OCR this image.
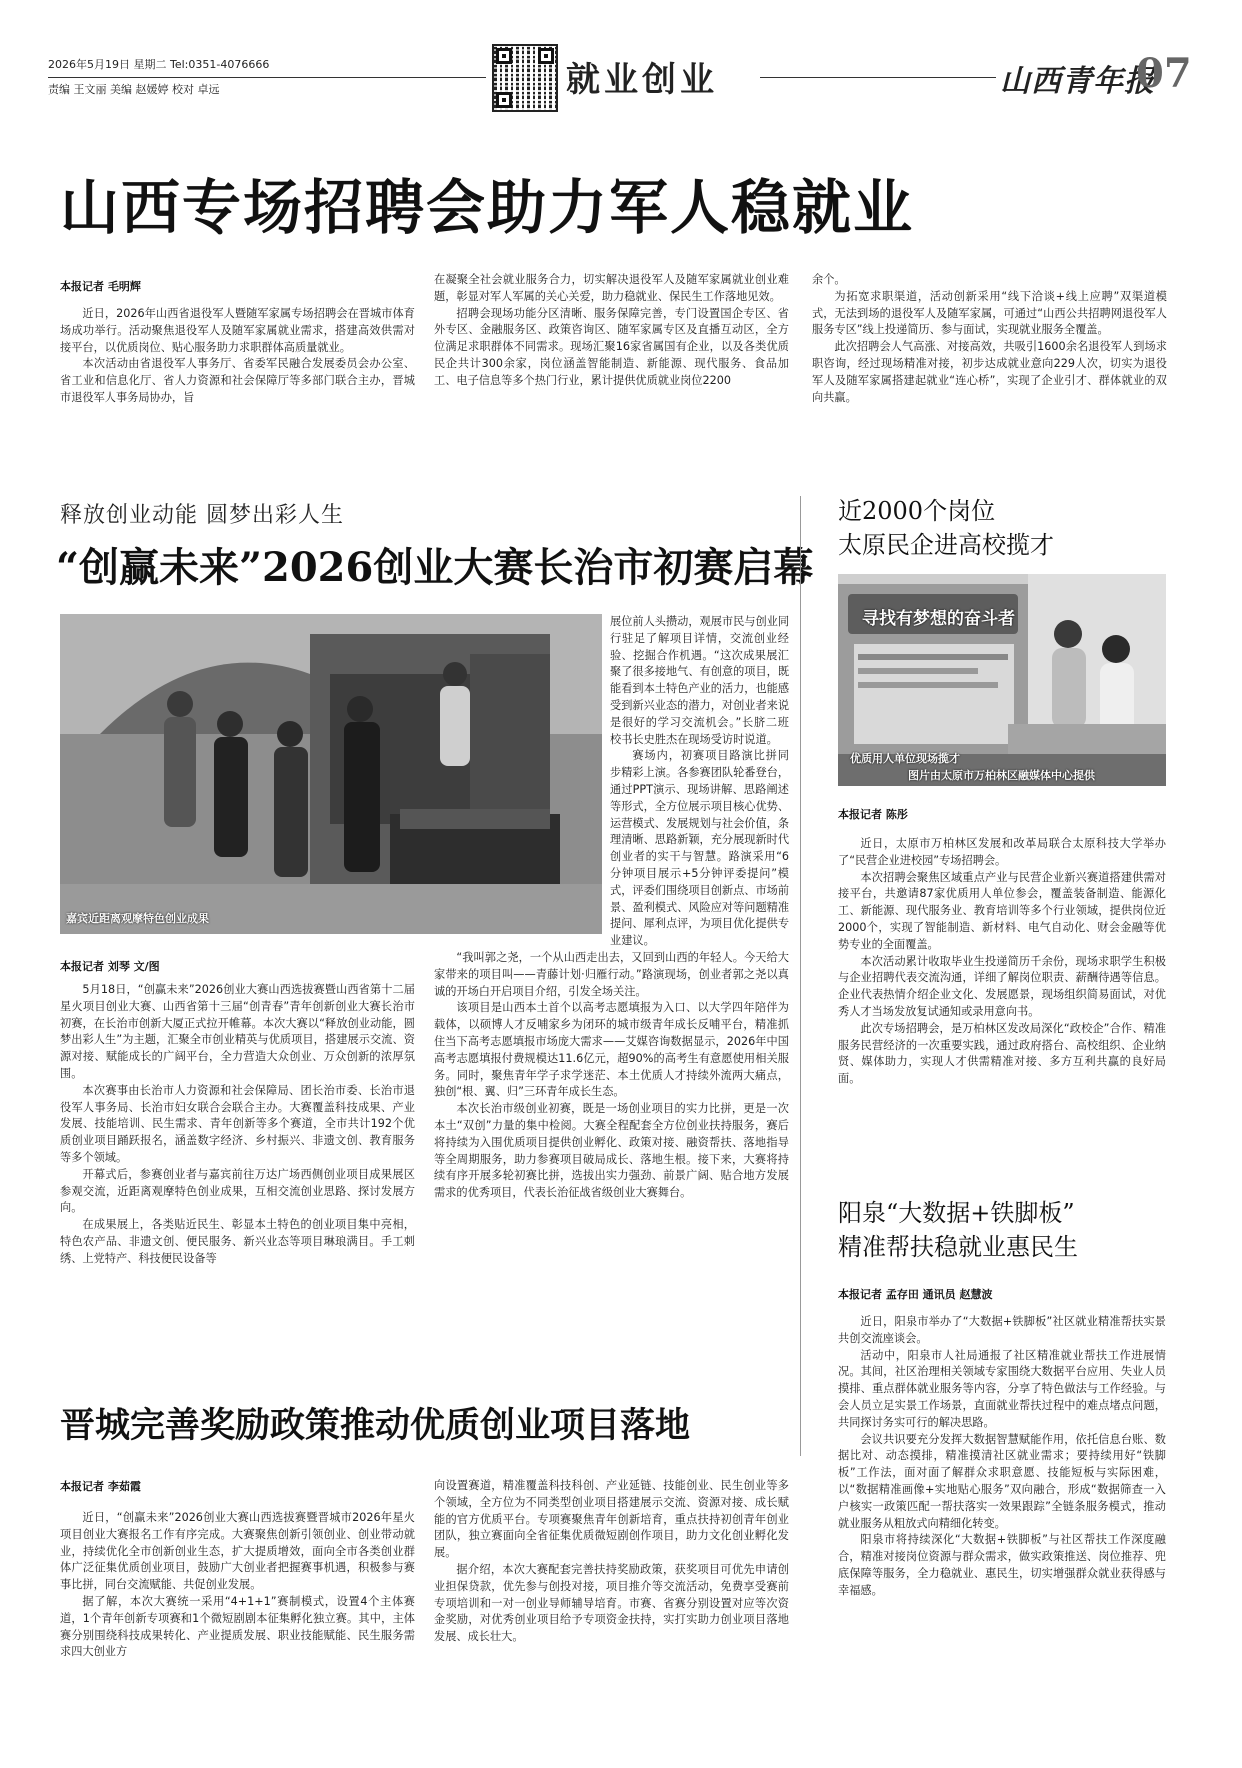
2026年5月19日 星期二 Tel:0351-4076666
责编 王文丽 美编 赵媛婷 校对 卓远	就业创业	山西青年报
07
山西专场招聘会助力军人稳就业
本报记者 毛明辉

近日，2026年山西省退役军人暨随军家属专场招聘会在晋城市体育场成功举行。活动聚焦退役军人及随军家属就业需求，搭建高效供需对接平台，以优质岗位、贴心服务助力求职群体高质量就业。

本次活动由省退役军人事务厅、省委军民融合发展委员会办公室、省工业和信息化厅、省人力资源和社会保障厅等多部门联合主办，晋城市退役军人事务局协办，旨

在凝聚全社会就业服务合力，切实解决退役军人及随军家属就业创业难题，彰显对军人军属的关心关爱，助力稳就业、保民生工作落地见效。

招聘会现场功能分区清晰、服务保障完善，专门设置国企专区、省外专区、金融服务区、政策咨询区、随军家属专区及直播互动区，全方位满足求职群体不同需求。现场汇聚16家省属国有企业，以及各类优质民企共计300余家，岗位涵盖智能制造、新能源、现代服务、食品加工、电子信息等多个热门行业，累计提供优质就业岗位2200

余个。

为拓宽求职渠道，活动创新采用“线下洽谈+线上应聘”双渠道模式，无法到场的退役军人及随军家属，可通过“山西公共招聘网退役军人服务专区”线上投递简历、参与面试，实现就业服务全覆盖。

此次招聘会人气高涨、对接高效，共吸引1600余名退役军人到场求职咨询，经过现场精准对接，初步达成就业意向229人次，切实为退役军人及随军家属搭建起就业“连心桥”，实现了企业引才、群体就业的双向共赢。

释放创业动能 圆梦出彩人生
“创赢未来”2026创业大赛长治市初赛启幕
嘉宾近距离观摩特色创业成果
本报记者 刘琴 文/图

5月18日，“创赢未来”2026创业大赛山西选拔赛暨山西省第十二届星火项目创业大赛、山西省第十三届“创青春”青年创新创业大赛长治市初赛，在长治市创新大厦正式拉开帷幕。本次大赛以“释放创业动能，圆梦出彩人生”为主题，汇聚全市创业精英与优质项目，搭建展示交流、资源对接、赋能成长的广阔平台，全力营造大众创业、万众创新的浓厚氛围。

本次赛事由长治市人力资源和社会保障局、团长治市委、长治市退役军人事务局、长治市妇女联合会联合主办。大赛覆盖科技成果、产业发展、技能培训、民生需求、青年创新等多个赛道，全市共计192个优质创业项目踊跃报名，涵盖数字经济、乡村振兴、非遗文创、教育服务等多个领域。

开幕式后，参赛创业者与嘉宾前往万达广场西侧创业项目成果展区参观交流，近距离观摩特色创业成果，互相交流创业思路、探讨发展方向。

在成果展上，各类贴近民生、彰显本土特色的创业项目集中亮相，特色农产品、非遗文创、便民服务、新兴业态等项目琳琅满目。手工刺绣、上党特产、科技便民设备等

展位前人头攒动，观展市民与创业同行驻足了解项目详情，交流创业经验、挖掘合作机遇。“这次成果展汇聚了很多接地气、有创意的项目，既能看到本土特色产业的活力，也能感受到新兴业态的潜力，对创业者来说是很好的学习交流机会。”长脐二班校书长史胜杰在现场受访时说道。

赛场内，初赛项目路演比拼同步精彩上演。各参赛团队轮番登台，通过PPT演示、现场讲解、思路阐述等形式，全方位展示项目核心优势、运营模式、发展规划与社会价值，条理清晰、思路新颖，充分展现新时代创业者的实干与智慧。路演采用“6分钟项目展示+5分钟评委提问”模式，评委们围绕项目创新点、市场前景、盈利模式、风险应对等问题精准提问、犀利点评，为项目优化提供专业建议。

“我叫郭之尧，一个从山西走出去，又回到山西的年轻人。今天给大家带来的项目叫——青藤计划·归雁行动。”路演现场，创业者郭之尧以真诚的开场白开启项目介绍，引发全场关注。

该项目是山西本土首个以高考志愿填报为入口、以大学四年陪伴为载体，以硕博人才反哺家乡为闭环的城市级青年成长反哺平台，精准抓住当下高考志愿填报市场庞大需求——艾媒咨询数据显示，2026年中国高考志愿填报付费规模达11.6亿元，超90%的高考生有意愿使用相关服务。同时，聚焦青年学子求学迷茫、本土优质人才持续外流两大痛点，独创“根、翼、归”三环青年成长生态。

本次长治市级创业初赛，既是一场创业项目的实力比拼，更是一次本土“双创”力量的集中检阅。大赛全程配套全方位创业扶持服务，赛后将持续为入围优质项目提供创业孵化、政策对接、融资帮扶、落地指导等全周期服务，助力参赛项目破局成长、落地生根。接下来，大赛将持续有序开展多轮初赛比拼，选拔出实力强劲、前景广阔、贴合地方发展需求的优秀项目，代表长治征战省级创业大赛舞台。

近2000个岗位
太原民企进高校揽才
寻找有梦想的奋斗者
优质用人单位现场揽才
图片由太原市万柏林区融媒体中心提供
本报记者 陈彤

近日，太原市万柏林区发展和改革局联合太原科技大学举办了“民营企业进校园”专场招聘会。

本次招聘会聚焦区域重点产业与民营企业新兴赛道搭建供需对接平台，共邀请87家优质用人单位参会，覆盖装备制造、能源化工、新能源、现代服务业、教育培训等多个行业领域，提供岗位近2000个，实现了智能制造、新材料、电气自动化、财会金融等优势专业的全面覆盖。

本次活动累计收取毕业生投递简历千余份，现场求职学生积极与企业招聘代表交流沟通，详细了解岗位职责、薪酬待遇等信息。企业代表热情介绍企业文化、发展愿景，现场组织简易面试，对优秀人才当场发放复试通知或录用意向书。

此次专场招聘会，是万柏林区发改局深化“政校企”合作、精准服务民营经济的一次重要实践，通过政府搭台、高校组织、企业纳贤、媒体助力，实现人才供需精准对接、多方互利共赢的良好局面。

阳泉“大数据+铁脚板”
精准帮扶稳就业惠民生
本报记者 孟存田 通讯员 赵慧波

近日，阳泉市举办了“大数据+铁脚板”社区就业精准帮扶实景共创交流座谈会。

活动中，阳泉市人社局通报了社区精准就业帮扶工作进展情况。其间，社区治理相关领域专家围绕大数据平台应用、失业人员摸排、重点群体就业服务等内容，分享了特色做法与工作经验。与会人员立足实景工作场景，直面就业帮扶过程中的难点堵点问题，共同探讨务实可行的解决思路。

会议共识要充分发挥大数据智慧赋能作用，依托信息台账、数据比对、动态摸排，精准摸清社区就业需求；要持续用好“铁脚板”工作法，面对面了解群众求职意愿、技能短板与实际困难，以“数据精准画像+实地贴心服务”双向融合，形成“数据筛查一入户核实一政策匹配一帮扶落实一效果跟踪”全链条服务模式，推动就业服务从粗放式向精细化转变。

阳泉市将持续深化“大数据+铁脚板”与社区帮扶工作深度融合，精准对接岗位资源与群众需求，做实政策推送、岗位推荐、兜底保障等服务，全力稳就业、惠民生，切实增强群众就业获得感与幸福感。

晋城完善奖励政策推动优质创业项目落地
本报记者 李茹霞

近日，“创赢未来”2026创业大赛山西选拔赛暨晋城市2026年星火项目创业大赛报名工作有序完成。大赛聚焦创新引领创业、创业带动就业，持续优化全市创新创业生态，扩大提质增效，面向全市各类创业群体广泛征集优质创业项目，鼓励广大创业者把握赛事机遇，积极参与赛事比拼，同台交流赋能、共促创业发展。

据了解，本次大赛统一采用“4+1+1”赛制模式，设置4个主体赛道，1个青年创新专项赛和1个微短剧剧本征集孵化独立赛。其中，主体赛分别围绕科技成果转化、产业提质发展、职业技能赋能、民生服务需求四大创业方

向设置赛道，精准覆盖科技科创、产业延链、技能创业、民生创业等多个领域，全方位为不同类型创业项目搭建展示交流、资源对接、成长赋能的官方优质平台。专项赛聚焦青年创新培育，重点扶持初创青年创业团队，独立赛面向全省征集优质微短剧创作项目，助力文化创业孵化发展。

据介绍，本次大赛配套完善扶持奖励政策，获奖项目可优先申请创业担保贷款，优先参与创投对接，项目推介等交流活动，免费享受赛前专项培训和一对一创业导师辅导培育。市赛、省赛分别设置对应等次资金奖励，对优秀创业项目给予专项资金扶持，实打实助力创业项目落地发展、成长壮大。
